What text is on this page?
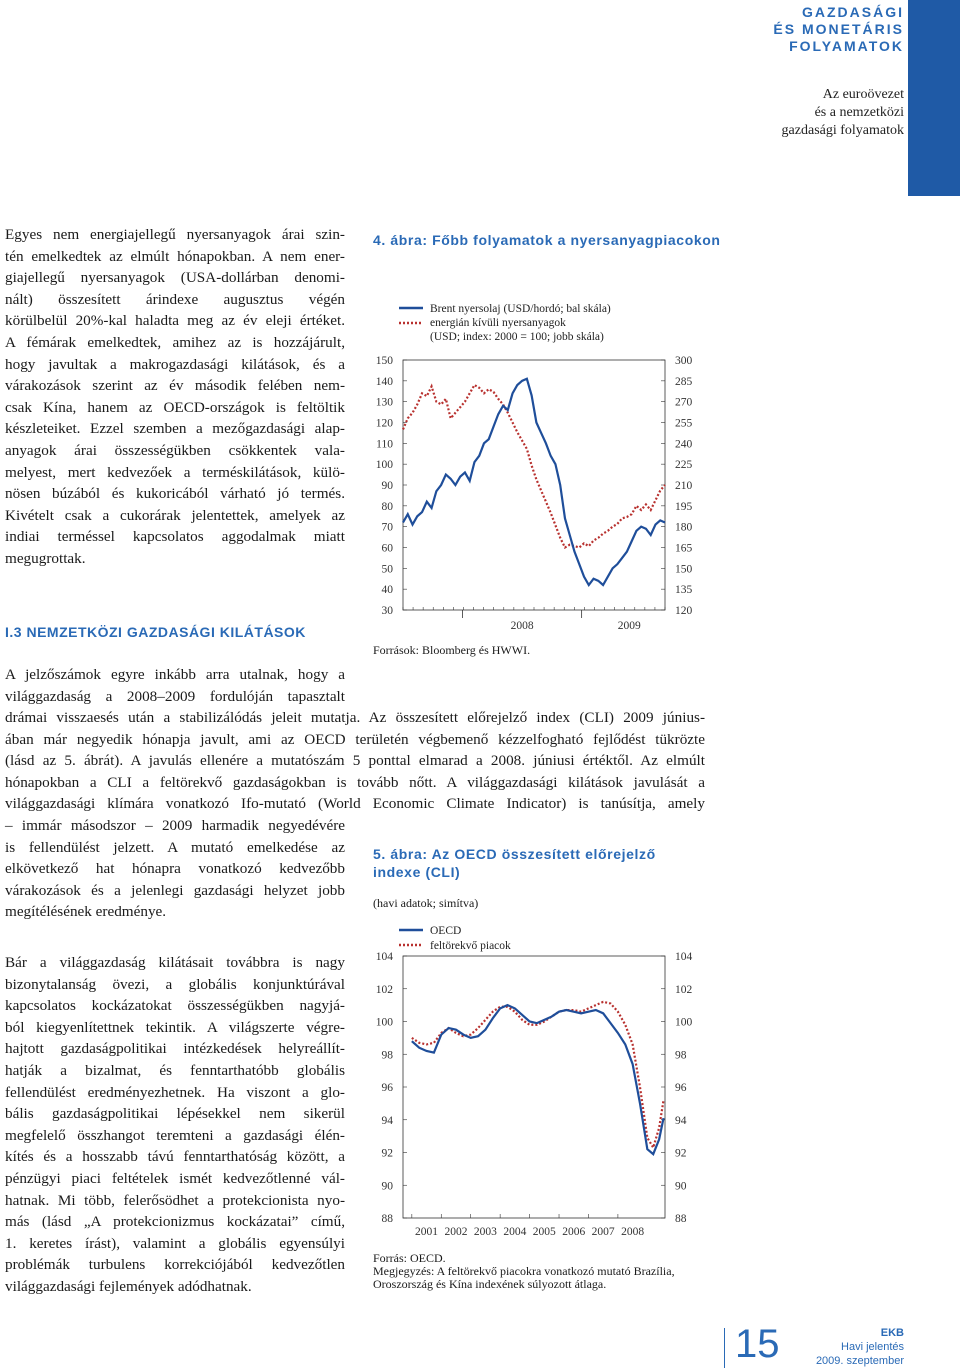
GAZDASÁGI
ÉS MONETÁRIS
FOLYAMATOK
Az euroövezet
és a nemzetközi
gazdasági folyamatok
Egyes nem energiajellegű nyersanyagok árai szin-
tén emelkedtek az elmúlt hónapokban. A nem ener-
giajellegű nyersanyagok (USA-dollárban denomi-
nált) összesített árindexe augusztus végén
körülbelül 20%-kal haladta meg az év eleji értéket.
A fémárak emelkedtek, amihez az is hozzájárult,
hogy javultak a makrogazdasági kilátások, és a
várakozások szerint az év második felében nem-
csak Kína, hanem az OECD-országok is feltöltik
készleteiket. Ezzel szemben a mezőgazdasági alap-
anyagok árai összességükben csökkentek vala-
melyest, mert kedvezőek a terméskilátások, külö-
nösen búzából és kukoricából várható jó termés.
Kivételt csak a cukorárak jelentettek, amelyek az
indiai terméssel kapcsolatos aggodalmak miatt
megugrottak.
I.3 NEMZETKÖZI GAZDASÁGI KILÁTÁSOK
A jelzőszámok egyre inkább arra utalnak, hogy a
világgazdaság a 2008–2009 fordulóján tapasztalt
drámai visszaesés után a stabilizálódás jeleit mutatja. Az összesített előrejelző index (CLI) 2009 június-
ában már negyedik hónapja javult, ami az OECD területén végbemenő kézzelfogható fejlődést tükrözte
(lásd az 5. ábrát). A javulás ellenére a mutatószám 5 ponttal elmarad a 2008. júniusi értéktől. Az elmúlt
hónapokban a CLI a feltörekvő gazdaságokban is tovább nőtt. A világgazdasági kilátások javulását a
világgazdasági klímára vonatkozó Ifo-mutató (World Economic Climate Indicator) is tanúsítja, amely
– immár másodszor – 2009 harmadik negyedévére
is fellendülést jelzett. A mutató emelkedése az
elkövetkező hat hónapra vonatkozó kedvezőbb
várakozások és a jelenlegi gazdasági helyzet jobb
megítélésének eredménye.
Bár a világgazdaság kilátásait továbbra is nagy
bizonytalanság övezi, a globális konjunktúrával
kapcsolatos kockázatokat összességükben nagyjá-
ból kiegyenlítettnek tekintik. A világszerte végre-
hajtott gazdaságpolitikai intézkedések helyreállít-
hatják a bizalmat, és fenntarthatóbb globális
fellendülést eredményezhetnek. Ha viszont a glo-
bális gazdaságpolitikai lépésekkel nem sikerül
megfelelő összhangot teremteni a gazdasági élén-
kítés és a hosszabb távú fenntarthatóság között, a
pénzügyi piaci feltételek ismét kedvezőtlenné vál-
hatnak. Mi több, felerősödhet a protekcionista nyo-
más (lásd „A protekcionizmus kockázatai” című,
1. keretes írást), valamint a globális egyensúlyi
problémák turbulens korrekciójából kedvezőtlen
világgazdasági fejlemények adódhatnak.
4. ábra: Főbb folyamatok a nyersanyagpiacokon
30
40
50
60
70
80
90
100
110
120
130
140
150
120
135
150
165
180
195
210
225
240
255
270
285
300
2008	2009
Brent nyersolaj (USD/hordó; bal skála)
energián kívüli nyersanyagok
(USD; index: 2000 = 100; jobb skála)
Források: Bloomberg és HWWI.
5. ábra: Az OECD összesített előrejelző indexe (CLI)
(havi adatok; simítva)
88	88
90	90
92	92
94	94
96	96
98	98
100	100
102	102
104	104
2001 2002 2003 2004 2005 2006 2007 2008
OECD
feltörekvő piacok
Forrás: OECD.
Megjegyzés: A feltörekvő piacokra vonatkozó mutató Brazília,
Oroszország és Kína indexének súlyozott átlaga.
EKB
Havi jelentés
2009. szeptember
15
